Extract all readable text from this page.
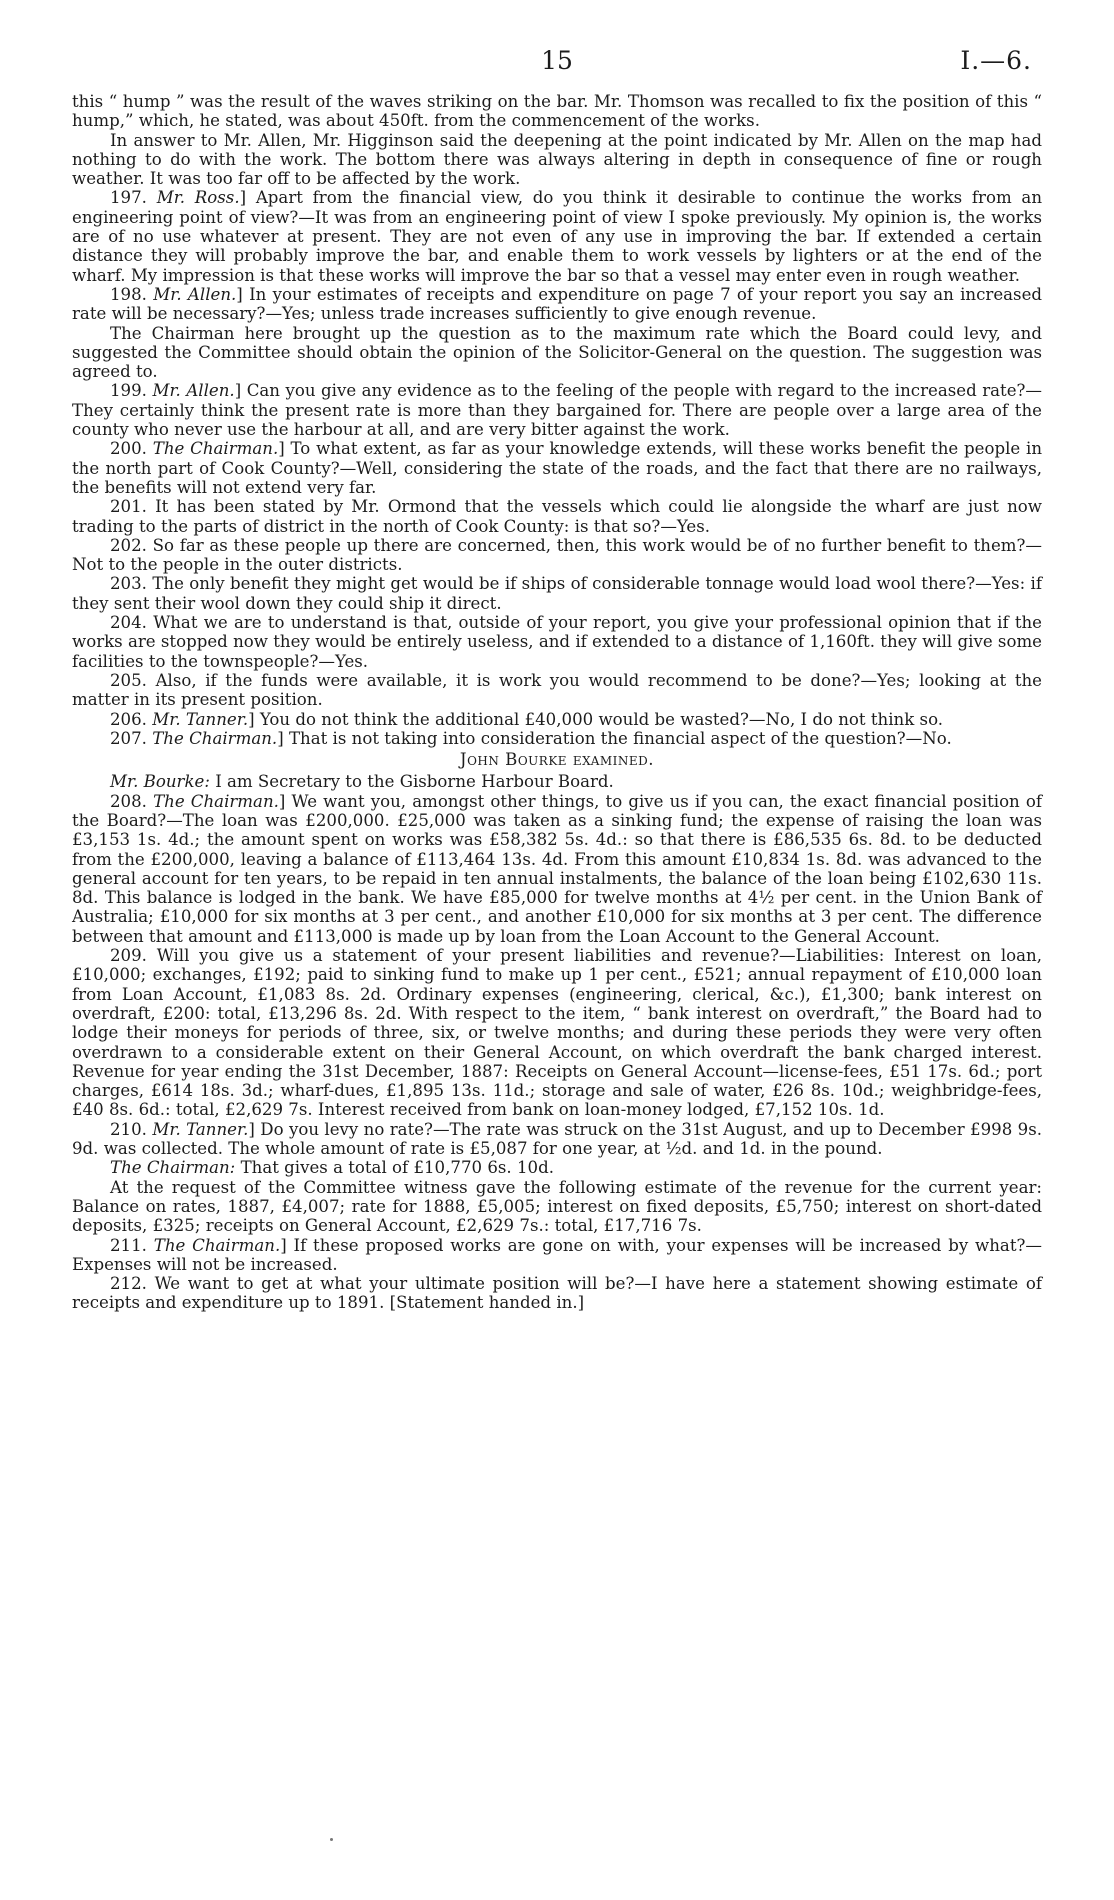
15	I.—6.

this “ hump ” was the result of the waves striking on the bar. Mr. Thomson was recalled to fix the position of this “ hump,” which, he stated, was about 450ft. from the commencement of the works.

In answer to Mr. Allen, Mr. Higginson said the deepening at the point indicated by Mr. Allen on the map had nothing to do with the work. The bottom there was always altering in depth in consequence of fine or rough weather. It was too far off to be affected by the work.

197. Mr. Ross.] Apart from the financial view, do you think it desirable to continue the works from an engineering point of view?—It was from an engineering point of view I spoke previously. My opinion is, the works are of no use whatever at present. They are not even of any use in improving the bar. If extended a certain distance they will probably improve the bar, and enable them to work vessels by lighters or at the end of the wharf. My impression is that these works will improve the bar so that a vessel may enter even in rough weather.

198. Mr. Allen.] In your estimates of receipts and expenditure on page 7 of your report you say an increased rate will be necessary?—Yes; unless trade increases sufficiently to give enough revenue.

The Chairman here brought up the question as to the maximum rate which the Board could levy, and suggested the Committee should obtain the opinion of the Solicitor-General on the question. The suggestion was agreed to.

199. Mr. Allen.] Can you give any evidence as to the feeling of the people with regard to the increased rate?—They certainly think the present rate is more than they bargained for. There are people over a large area of the county who never use the harbour at all, and are very bitter against the work.

200. The Chairman.] To what extent, as far as your knowledge extends, will these works benefit the people in the north part of Cook County?—Well, considering the state of the roads, and the fact that there are no railways, the benefits will not extend very far.

201. It has been stated by Mr. Ormond that the vessels which could lie alongside the wharf are just now trading to the parts of district in the north of Cook County: is that so?—Yes.

202. So far as these people up there are concerned, then, this work would be of no further benefit to them?—Not to the people in the outer districts.

203. The only benefit they might get would be if ships of considerable tonnage would load wool there?—Yes: if they sent their wool down they could ship it direct.

204. What we are to understand is that, outside of your report, you give your professional opinion that if the works are stopped now they would be entirely useless, and if extended to a distance of 1,160ft. they will give some facilities to the townspeople?—Yes.

205. Also, if the funds were available, it is work you would recommend to be done?—Yes; looking at the matter in its present position.

206. Mr. Tanner.] You do not think the additional £40,000 would be wasted?—No, I do not think so.

207. The Chairman.] That is not taking into consideration the financial aspect of the question?—No.

John Bourke examined.

Mr. Bourke: I am Secretary to the Gisborne Harbour Board.

208. The Chairman.] We want you, amongst other things, to give us if you can, the exact financial position of the Board?—The loan was £200,000. £25,000 was taken as a sinking fund; the expense of raising the loan was £3,153 1s. 4d.; the amount spent on works was £58,382 5s. 4d.: so that there is £86,535 6s. 8d. to be deducted from the £200,000, leaving a balance of £113,464 13s. 4d. From this amount £10,834 1s. 8d. was advanced to the general account for ten years, to be repaid in ten annual instalments, the balance of the loan being £102,630 11s. 8d. This balance is lodged in the bank. We have £85,000 for twelve months at 4½ per cent. in the Union Bank of Australia; £10,000 for six months at 3 per cent., and another £10,000 for six months at 3 per cent. The difference between that amount and £113,000 is made up by loan from the Loan Account to the General Account.

209. Will you give us a statement of your present liabilities and revenue?—Liabilities: Interest on loan, £10,000; exchanges, £192; paid to sinking fund to make up 1 per cent., £521; annual repayment of £10,000 loan from Loan Account, £1,083 8s. 2d. Ordinary expenses (engineering, clerical, &c.), £1,300; bank interest on overdraft, £200: total, £13,296 8s. 2d. With respect to the item, “ bank interest on overdraft,” the Board had to lodge their moneys for periods of three, six, or twelve months; and during these periods they were very often overdrawn to a considerable extent on their General Account, on which overdraft the bank charged interest. Revenue for year ending the 31st December, 1887: Receipts on General Account—license-fees, £51 17s. 6d.; port charges, £614 18s. 3d.; wharf-dues, £1,895 13s. 11d.; storage and sale of water, £26 8s. 10d.; weighbridge-fees, £40 8s. 6d.: total, £2,629 7s. Interest received from bank on loan-money lodged, £7,152 10s. 1d.

210. Mr. Tanner.] Do you levy no rate?—The rate was struck on the 31st August, and up to December £998 9s. 9d. was collected. The whole amount of rate is £5,087 for one year, at ½d. and 1d. in the pound.

The Chairman: That gives a total of £10,770 6s. 10d.

At the request of the Committee witness gave the following estimate of the revenue for the current year: Balance on rates, 1887, £4,007; rate for 1888, £5,005; interest on fixed deposits, £5,750; interest on short-dated deposits, £325; receipts on General Account, £2,629 7s.: total, £17,716 7s.

211. The Chairman.] If these proposed works are gone on with, your expenses will be increased by what?—Expenses will not be increased.

212. We want to get at what your ultimate position will be?—I have here a statement showing estimate of receipts and expenditure up to 1891. [Statement handed in.]
